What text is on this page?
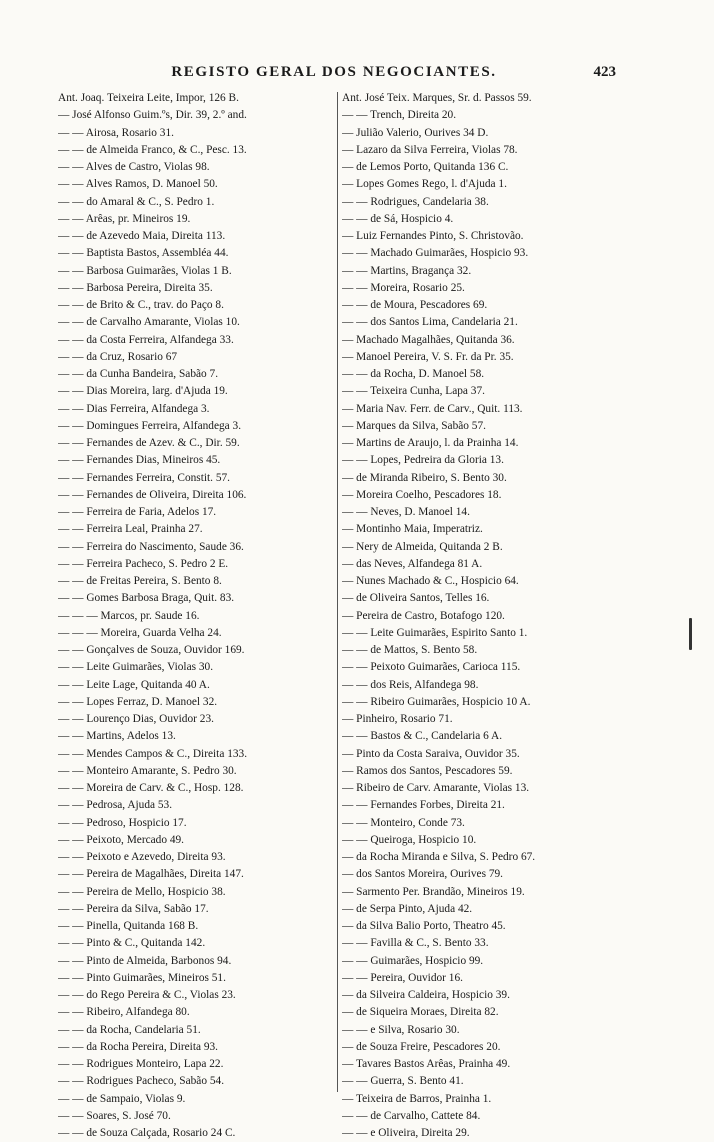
REGISTO GERAL DOS NEGOCIANTES.	423
Ant. Joaq. Teixeira Leite, Impor, 126 B.
— José Alfonso Guim.ºs, Dir. 39, 2.º and.
— — Airosa, Rosario 31.
— — de Almeida Franco, & C., Pesc. 13.
— — Alves de Castro, Violas 98.
— — Alves Ramos, D. Manoel 50.
— — do Amaral & C., S. Pedro 1.
— — Arêas, pr. Mineiros 19.
— — de Azevedo Maia, Direita 113.
— — Baptista Bastos, Assembléa 44.
— — Barbosa Guimarães, Violas 1 B.
— — Barbosa Pereira, Direita 35.
— — de Brito & C., trav. do Paço 8.
— — de Carvalho Amarante, Violas 10.
— — da Costa Ferreira, Alfandega 33.
— — da Cruz, Rosario 67
— — da Cunha Bandeira, Sabão 7.
— — Dias Moreira, larg. d'Ajuda 19.
— — Dias Ferreira, Alfandega 3.
— — Domingues Ferreira, Alfandega 3.
— — Fernandes de Azev. & C., Dir. 59.
— — Fernandes Dias, Mineiros 45.
— — Fernandes Ferreira, Constit. 57.
— — Fernandes de Oliveira, Direita 106.
— — Ferreira de Faria, Adelos 17.
— — Ferreira Leal, Prainha 27.
— — Ferreira do Nascimento, Saude 36.
— — Ferreira Pacheco, S. Pedro 2 E.
— — de Freitas Pereira, S. Bento 8.
— — Gomes Barbosa Braga, Quit. 83.
— — — Marcos, pr. Saude 16.
— — — Moreira, Guarda Velha 24.
— — Gonçalves de Souza, Ouvidor 169.
— — Leite Guimarães, Violas 30.
— — Leite Lage, Quitanda 40 A.
— — Lopes Ferraz, D. Manoel 32.
— — Lourenço Dias, Ouvidor 23.
— — Martins, Adelos 13.
— — Mendes Campos & C., Direita 133.
— — Monteiro Amarante, S. Pedro 30.
— — Moreira de Carv. & C., Hosp. 128.
— — Pedrosa, Ajuda 53.
— — Pedroso, Hospicio 17.
— — Peixoto, Mercado 49.
— — Peixoto e Azevedo, Direita 93.
— — Pereira de Magalhães, Direita 147.
— — Pereira de Mello, Hospicio 38.
— — Pereira da Silva, Sabão 17.
— — Pinella, Quitanda 168 B.
— — Pinto & C., Quitanda 142.
— — Pinto de Almeida, Barbonos 94.
— — Pinto Guimarães, Mineiros 51.
— — do Rego Pereira & C., Violas 23.
— — Ribeiro, Alfandega 80.
— — da Rocha, Candelaria 51.
— — da Rocha Pereira, Direita 93.
— — Rodrigues Monteiro, Lapa 22.
— — Rodrigues Pacheco, Sabão 54.
— — de Sampaio, Violas 9.
— — Soares, S. José 70.
— — de Souza Calçada, Rosario 24 C.
Ant. José Teix. Marques, Sr. d. Passos 59.
— — Trench, Direita 20.
— Julião Valerio, Ourives 34 D.
— Lazaro da Silva Ferreira, Violas 78.
— de Lemos Porto, Quitanda 136 C.
— Lopes Gomes Rego, l. d'Ajuda 1.
— — Rodrigues, Candelaria 38.
— — de Sá, Hospicio 4.
— Luiz Fernandes Pinto, S. Christovão.
— — Machado Guimarães, Hospicio 93.
— — Martins, Bragança 32.
— — Moreira, Rosario 25.
— — de Moura, Pescadores 69.
— — dos Santos Lima, Candelaria 21.
— Machado Magalhães, Quitanda 36.
— Manoel Pereira, V. S. Fr. da Pr. 35.
— — da Rocha, D. Manoel 58.
— — Teixeira Cunha, Lapa 37.
— Maria Nav. Ferr. de Carv., Quit. 113.
— Marques da Silva, Sabão 57.
— Martins de Araujo, l. da Prainha 14.
— — Lopes, Pedreira da Gloria 13.
— de Miranda Ribeiro, S. Bento 30.
— Moreira Coelho, Pescadores 18.
— — Neves, D. Manoel 14.
— Montinho Maia, Imperatriz.
— Nery de Almeida, Quitanda 2 B.
— das Neves, Alfandega 81 A.
— Nunes Machado & C., Hospicio 64.
— de Oliveira Santos, Telles 16.
— Pereira de Castro, Botafogo 120.
— — Leite Guimarães, Espirito Santo 1.
— — de Mattos, S. Bento 58.
— — Peixoto Guimarães, Carioca 115.
— — dos Reis, Alfandega 98.
— — Ribeiro Guimarães, Hospicio 10 A.
— Pinheiro, Rosario 71.
— — Bastos & C., Candelaria 6 A.
— Pinto da Costa Saraiva, Ouvidor 35.
— Ramos dos Santos, Pescadores 59.
— Ribeiro de Carv. Amarante, Violas 13.
— — Fernandes Forbes, Direita 21.
— — Monteiro, Conde 73.
— — Queiroga, Hospicio 10.
— da Rocha Miranda e Silva, S. Pedro 67.
— dos Santos Moreira, Ourives 79.
— Sarmento Per. Brandão, Mineiros 19.
— de Serpa Pinto, Ajuda 42.
— da Silva Balio Porto, Theatro 45.
— — Favilla & C., S. Bento 33.
— — Guimarães, Hospicio 99.
— — Pereira, Ouvidor 16.
— da Silveira Caldeira, Hospicio 39.
— de Siqueira Moraes, Direita 82.
— — e Silva, Rosario 30.
— de Souza Freire, Pescadores 20.
— Tavares Bastos Arêas, Prainha 49.
— — Guerra, S. Bento 41.
— Teixeira de Barros, Prainha 1.
— — de Carvalho, Cattete 84.
— — e Oliveira, Direita 29.
